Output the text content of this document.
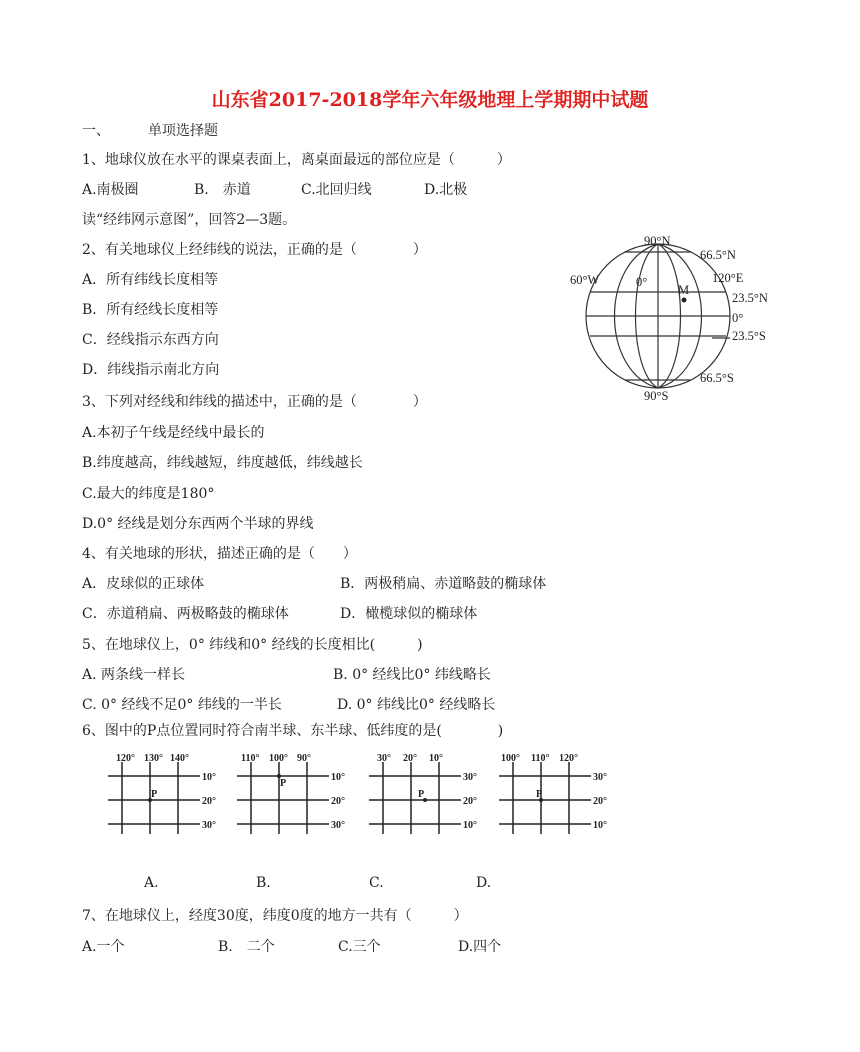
山东省2017-2018学年六年级地理上学期期中试题
一、	单项选择题
1、地球仪放在水平的课桌表面上，离桌面最远的部位应是（　　　）
A.南极圈	B.　赤道	C.北回归线	D.北极
读“经纬网示意图”，回答2—3题。
2、有关地球仪上经纬线的说法，正确的是（　　　　）
A．所有纬线长度相等
B．所有经线长度相等
C．经线指示东西方向
D．纬线指示南北方向
90°N
66.5°N
60°W	0°
M
120°E
23.5°N
0°
23.5°S
66.5°S
90°S
3、下列对经线和纬线的描述中，正确的是（　　　　）
A.本初子午线是经线中最长的
B.纬度越高，纬线越短，纬度越低，纬线越长
C.最大的纬度是180°
D.0° 经线是划分东西两个半球的界线
4、有关地球的形状，描述正确的是（　　）
A．皮球似的正球体	B．两极稍扁、赤道略鼓的椭球体
C．赤道稍扁、两极略鼓的椭球体	D．橄榄球似的椭球体
5、在地球仪上，0° 纬线和0° 经线的长度相比(　　　)
A. 两条线一样长	B. 0° 经线比0° 纬线略长
C. 0° 经线不足0° 纬线的一半长	D. 0° 纬线比0° 经线略长
6、图中的P点位置同时符合南半球、东半球、低纬度的是(　　　　)
120° 130° 140°
10°
20°
30°
P
110° 100° 90°
10°
20°
30°
P
30° 20° 10°
30°
20°
10°
P
100° 110° 120°
30°
20°
10°
P
A.	B.	C.	D.
7、在地球仪上，经度30度，纬度0度的地方一共有（　　　）
A.一个	B.　二个	C.三个	D.四个
